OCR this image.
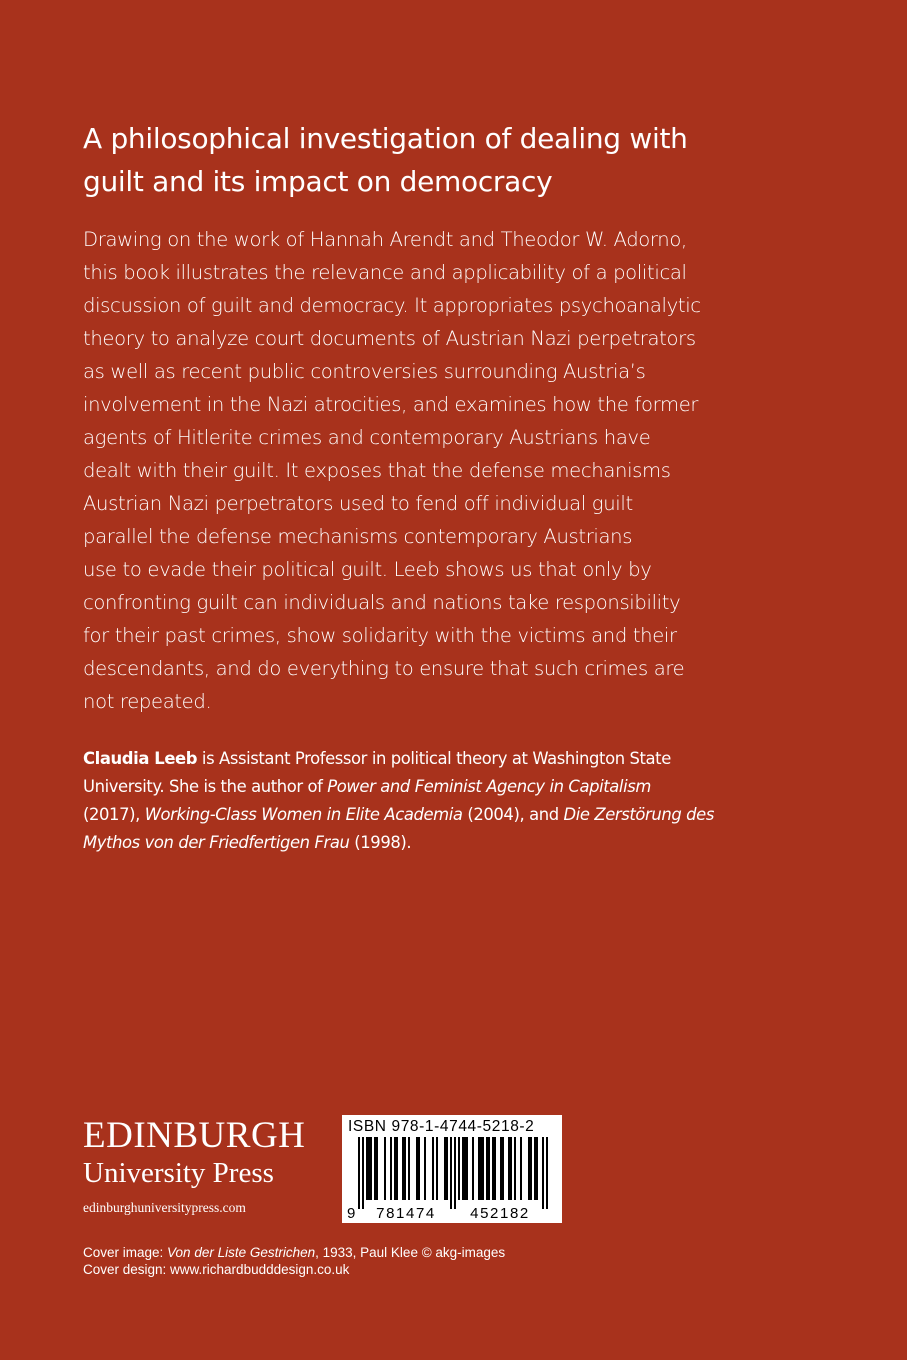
A philosophical investigation of dealing with
guilt and its impact on democracy

Drawing on the work of Hannah Arendt and Theodor W. Adorno,
this book illustrates the relevance and applicability of a political
discussion of guilt and democracy. It appropriates psychoanalytic
theory to analyze court documents of Austrian Nazi perpetrators
as well as recent public controversies surrounding Austria’s
involvement in the Nazi atrocities, and examines how the former
agents of Hitlerite crimes and contemporary Austrians have
dealt with their guilt. It exposes that the defense mechanisms
Austrian Nazi perpetrators used to fend off individual guilt
parallel the defense mechanisms contemporary Austrians
use to evade their political guilt. Leeb shows us that only by
confronting guilt can individuals and nations take responsibility
for their past crimes, show solidarity with the victims and their
descendants, and do everything to ensure that such crimes are
not repeated.

Claudia Leeb is Assistant Professor in political theory at Washington State
University. She is the author of Power and Feminist Agency in Capitalism
(2017), Working-Class Women in Elite Academia (2004), and Die Zerstörung des
Mythos von der Friedfertigen Frau (1998).

EDINBURGH
University Press
edinburghuniversitypress.com
ISBN 978-1-4744-5218-2
9 781474 452182
Cover image: Von der Liste Gestrichen, 1933, Paul Klee © akg-images
Cover design: www.richardbudddesign.co.uk
